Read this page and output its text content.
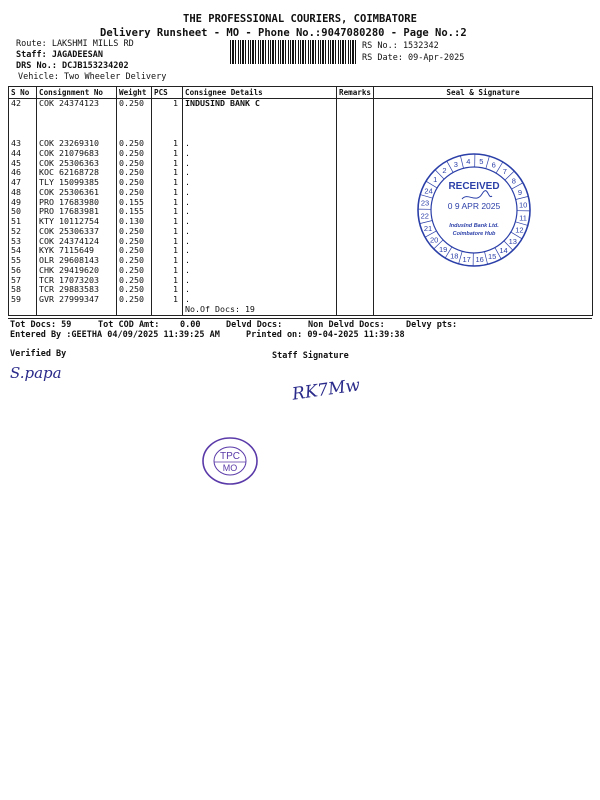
THE PROFESSIONAL COURIERS, COIMBATORE
Delivery Runsheet - MO - Phone No.:9047080280 - Page No.:2
Route: LAKSHMI MILLS RD
Staff: JAGADEESAN
DRS No.: DCJB153234202
Vehicle: Two Wheeler Delivery
RS No.: 1532342
RS Date: 09-Apr-2025
S No	Consignment No	Weight	PCS	Consignee Details	Remarks	Seal & Signature
42	COK 24374123	0.250	1	INDUSIND BANK C		
43	COK 23269310	0.250	1	.		
44	COK 21079683	0.250	1	.		
45	COK 25306363	0.250	1	.		
46	KOC 62168728	0.250	1	.		
47	TLY 15099385	0.250	1	.		
48	COK 25306361	0.250	1	.		
49	PRO 17683980	0.155	1	.		
50	PRO 17683981	0.155	1	.		
51	KTY 10112754	0.130	1	.		
52	COK 25306337	0.250	1	.		
53	COK 24374124	0.250	1	.		
54	KYK 7115649	0.250	1	.		
55	OLR 29608143	0.250	1	.		
56	CHK 29419620	0.250	1	.		
57	TCR 17073203	0.250	1	.		
58	TCR 29883583	0.250	1	.		
59	GVR 27999347	0.250	1	.		
				No.Of Docs: 19		
Tot Docs: 59	Tot COD Amt: 0.00	Delvd Docs:	Non Delvd Docs: Delvy pts:
Entered By :GEETHA 04/09/2025 11:39:25 AM	Printed on: 09-04-2025 11:39:38
Verified By	Staff Signature
S.papa
RK7Mw
1
2
3 4 5 6
7
8
9
10
11
12
13
14
15
16
17
18
19
20
21
22
23
24 RECEIVED
0 9 APR 2025
IndusInd Bank Ltd.
Coimbatore Hub
TPC
MO
